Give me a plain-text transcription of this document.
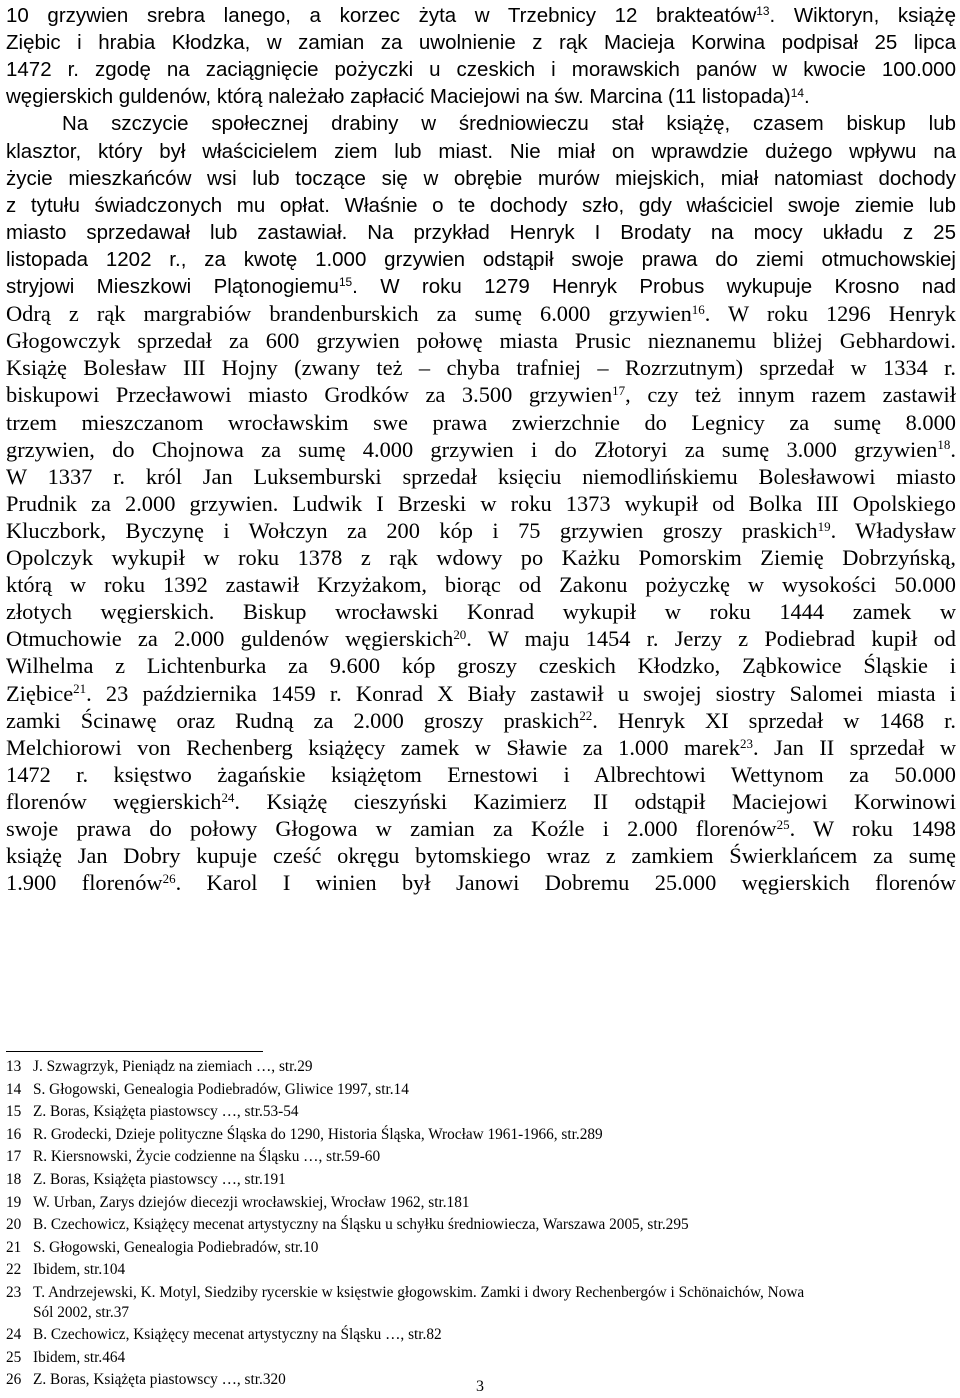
10 grzywien srebra lanego, a korzec żyta w Trzebnicy 12 brakteatów$^{13}$. Wiktoryn, książę
Ziębic i hrabia Kłodzka, w zamian za uwolnienie z rąk Macieja Korwina podpisał 25 lipca
1472 r. zgodę na zaciągnięcie pożyczki u czeskich i morawskich panów w kwocie 100.000
węgierskich guldenów, którą należało zapłacić Maciejowi na św. Marcina (11 listopada)$^{14}$.
Na szczycie społecznej drabiny w średniowieczu stał książę, czasem biskup lub
klasztor, który był właścicielem ziem lub miast. Nie miał on wprawdzie dużego wpływu na
życie mieszkańców wsi lub toczące się w obrębie murów miejskich, miał natomiast dochody
z tytułu świadczonych mu opłat. Właśnie o te dochody szło, gdy właściciel swoje ziemie lub
miasto sprzedawał lub zastawiał. Na przykład Henryk I Brodaty na mocy układu z 25
listopada 1202 r., za kwotę 1.000 grzywien odstąpił swoje prawa do ziemi otmuchowskiej
stryjowi Mieszkowi Plątonogiemu$^{15}$. W roku 1279 Henryk Probus wykupuje Krosno nad
Odrą z rąk margrabiów brandenburskich za sumę 6.000 grzywien$^{16}$. W roku 1296 Henryk
Głogowczyk sprzedał za 600 grzywien połowę miasta Prusic nieznanemu bliżej Gebhardowi.
Książę Bolesław III Hojny (zwany też – chyba trafniej – Rozrzutnym) sprzedał w 1334 r.
biskupowi Przecławowi miasto Grodków za 3.500 grzywien$^{17}$, czy też innym razem zastawił
trzem mieszczanom wrocławskim swe prawa zwierzchnie do Legnicy za sumę 8.000
grzywien, do Chojnowa za sumę 4.000 grzywien i do Złotoryi za sumę 3.000 grzywien$^{18}$.
W 1337 r. król Jan Luksemburski sprzedał księciu niemodlińskiemu Bolesławowi miasto
Prudnik za 2.000 grzywien. Ludwik I Brzeski w roku 1373 wykupił od Bolka III Opolskiego
Kluczbork, Byczynę i Wołczyn za 200 kóp i 75 grzywien groszy praskich$^{19}$. Władysław
Opolczyk wykupił w roku 1378 z rąk wdowy po Każku Pomorskim Ziemię Dobrzyńską,
którą w roku 1392 zastawił Krzyżakom, biorąc od Zakonu pożyczkę w wysokości 50.000
złotych węgierskich. Biskup wrocławski Konrad wykupił w roku 1444 zamek w
Otmuchowie za 2.000 guldenów węgierskich$^{20}$. W maju 1454 r. Jerzy z Podiebrad kupił od
Wilhelma z Lichtenburka za 9.600 kóp groszy czeskich Kłodzko, Ząbkowice Śląskie i
Ziębice$^{21}$. 23 października 1459 r. Konrad X Biały zastawił u swojej siostry Salomei miasta i
zamki Ścinawę oraz Rudną za 2.000 groszy praskich$^{22}$. Henryk XI sprzedał w 1468 r.
Melchiorowi von Rechenberg książęcy zamek w Sławie za 1.000 marek$^{23}$. Jan II sprzedał w
1472 r. księstwo żagańskie książętom Ernestowi i Albrechtowi Wettynom za 50.000
florenów węgierskich$^{24}$. Książę cieszyński Kazimierz II odstąpił Maciejowi Korwinowi
swoje prawa do połowy Głogowa w zamian za Koźle i 2.000 florenów$^{25}$. W roku 1498
książę Jan Dobry kupuje cześć okręgu bytomskiego wraz z zamkiem Świerklańcem za sumę
1.900 florenów$^{26}$. Karol I winien był Janowi Dobremu 25.000 węgierskich florenów
13 J. Szwagrzyk, Pieniądz na ziemiach …, str.29
14 S. Głogowski, Genealogia Podiebradów, Gliwice 1997, str.14
15 Z. Boras, Książęta piastowscy …, str.53-54
16 R. Grodecki, Dzieje polityczne Śląska do 1290, Historia Śląska, Wrocław 1961-1966, str.289
17 R. Kiersnowski, Życie codzienne na Śląsku …, str.59-60
18 Z. Boras, Książęta piastowscy …, str.191
19 W. Urban, Zarys dziejów diecezji wrocławskiej, Wrocław 1962, str.181
20 B. Czechowicz, Książęcy mecenat artystyczny na Śląsku u schyłku średniowiecza, Warszawa 2005, str.295
21 S. Głogowski, Genealogia Podiebradów, str.10
22 Ibidem, str.104
23 T. Andrzejewski, K. Motyl, Siedziby rycerskie w księstwie głogowskim. Zamki i dwory Rechenbergów i Schönaichów, Nowa
Sól 2002, str.37
24 B. Czechowicz, Książęcy mecenat artystyczny na Śląsku …, str.82
25 Ibidem, str.464
26 Z. Boras, Książęta piastowscy …, str.320	3
